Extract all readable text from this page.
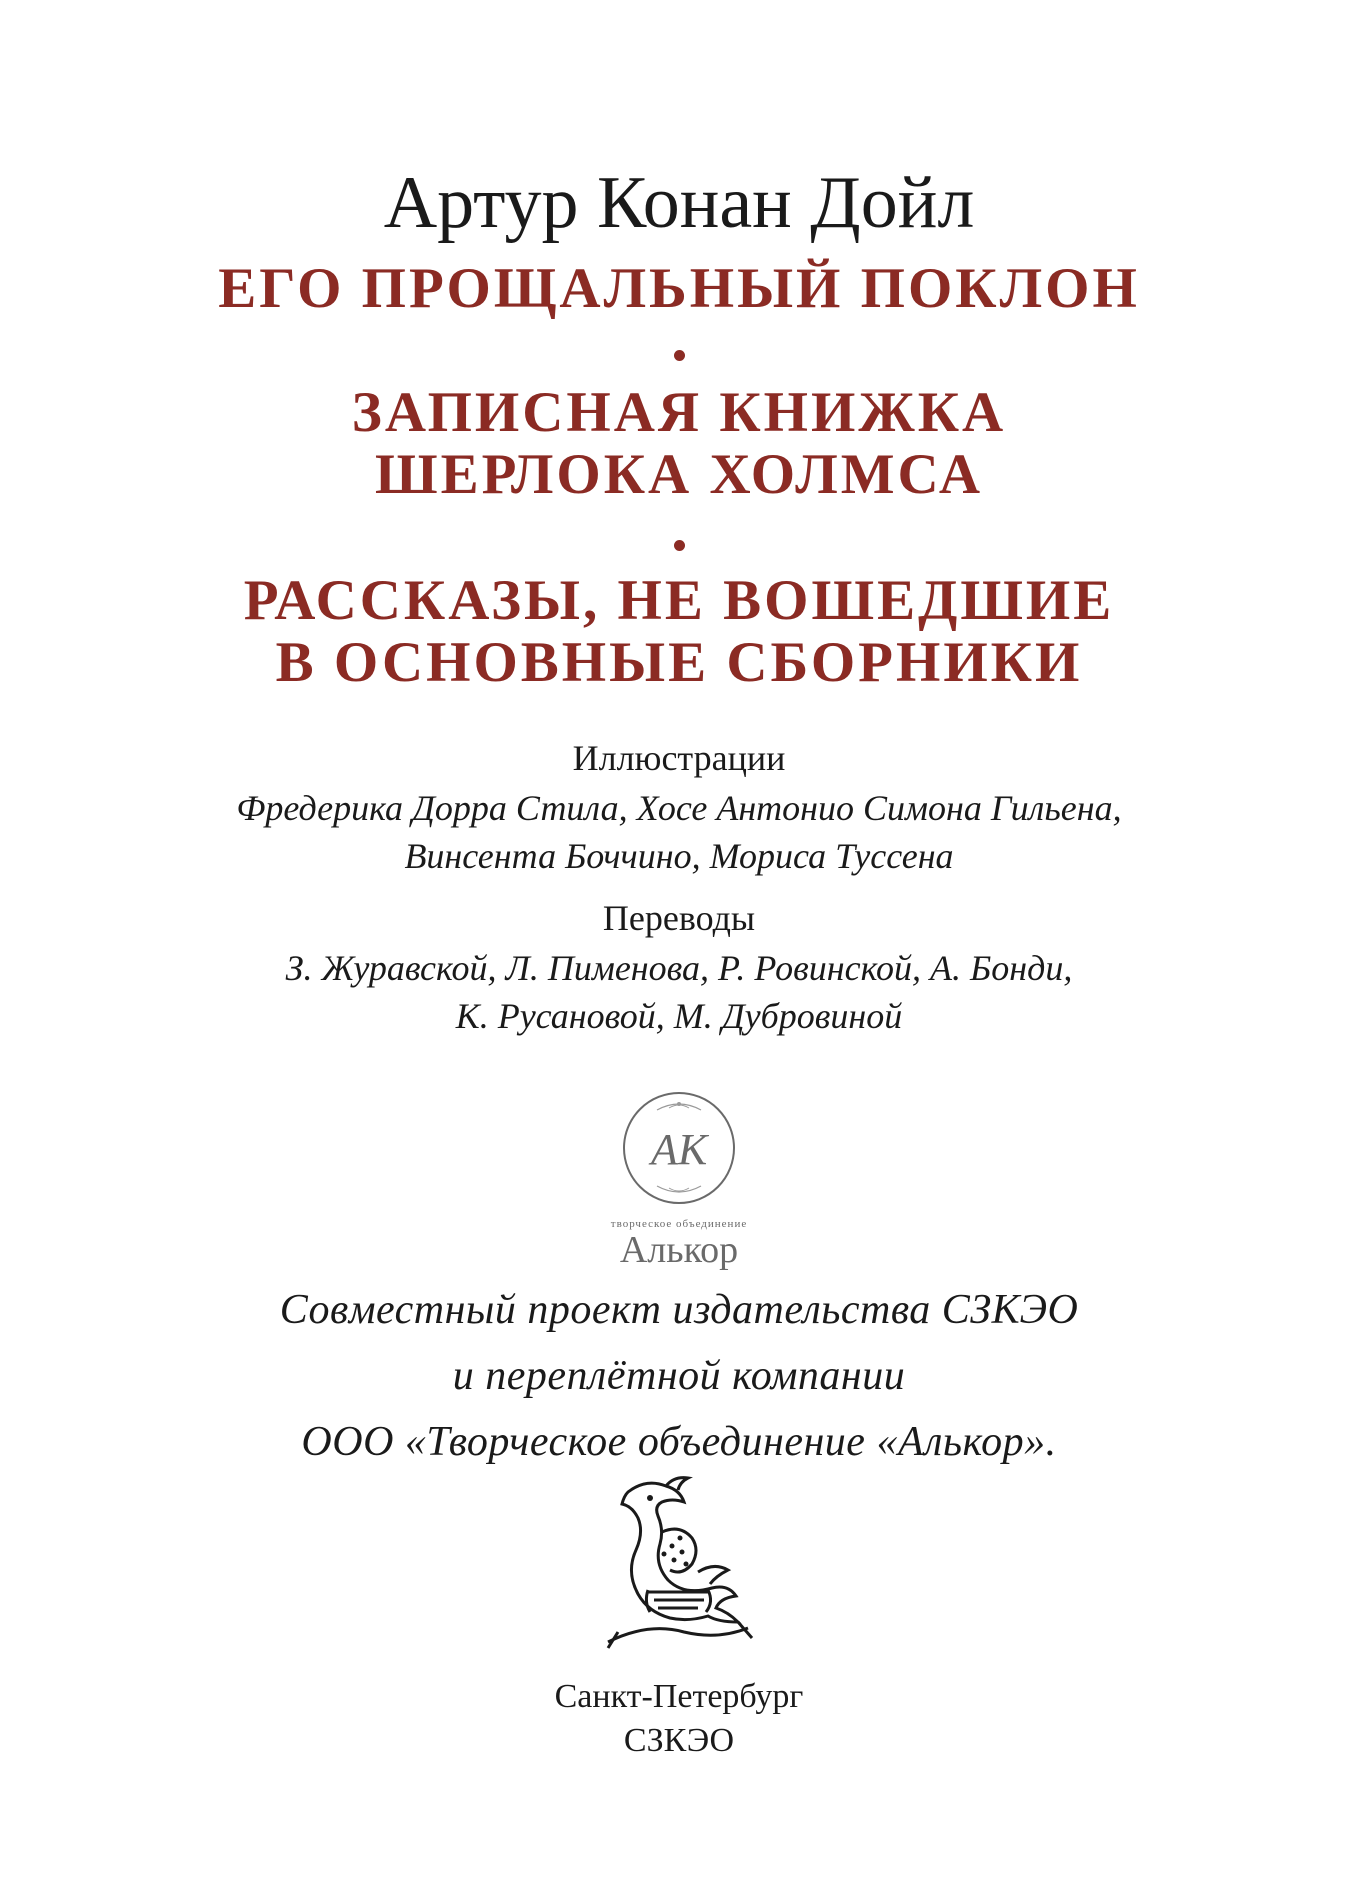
Артур Конан Дойл
ЕГО ПРОЩАЛЬНЫЙ ПОКЛОН
ЗАПИСНАЯ КНИЖКА
ШЕРЛОКА ХОЛМСА
РАССКАЗЫ, НЕ ВОШЕДШИЕ
В ОСНОВНЫЕ СБОРНИКИ
Иллюстрации
Фредерика Дорра Стила, Хосе Антонио Симона Гильена,
Винсента Боччино, Мориса Туссена
Переводы
З. Журавской, Л. Пименова, Р. Ровинской, А. Бонди,
К. Русановой, М. Дубровиной
АК
творческое объединение
Алькор
Совместный проект издательства СЗКЭО
и переплётной компании
ООО «Творческое объединение «Алькор».
Санкт-Петербург
СЗКЭО
